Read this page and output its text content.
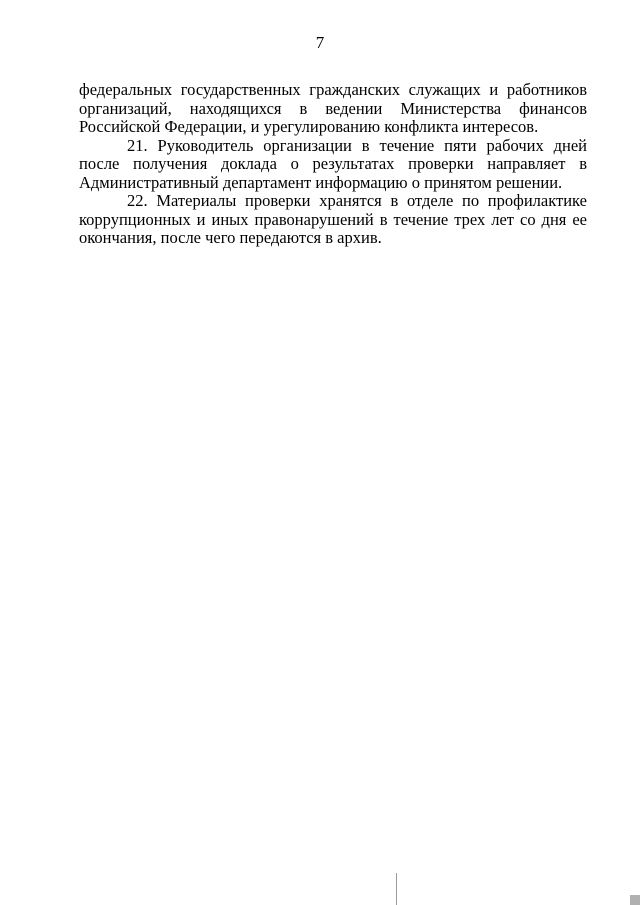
7

федеральных государственных гражданских служащих и работников организаций, находящихся в ведении Министерства финансов Российской Федерации, и урегулированию конфликта интересов.

21. Руководитель организации в течение пяти рабочих дней после получения доклада о результатах проверки направляет в Административный департамент информацию о принятом решении.

22. Материалы проверки хранятся в отделе по профилактике коррупционных и иных правонарушений в течение трех лет со дня ее окончания, после чего передаются в архив.
